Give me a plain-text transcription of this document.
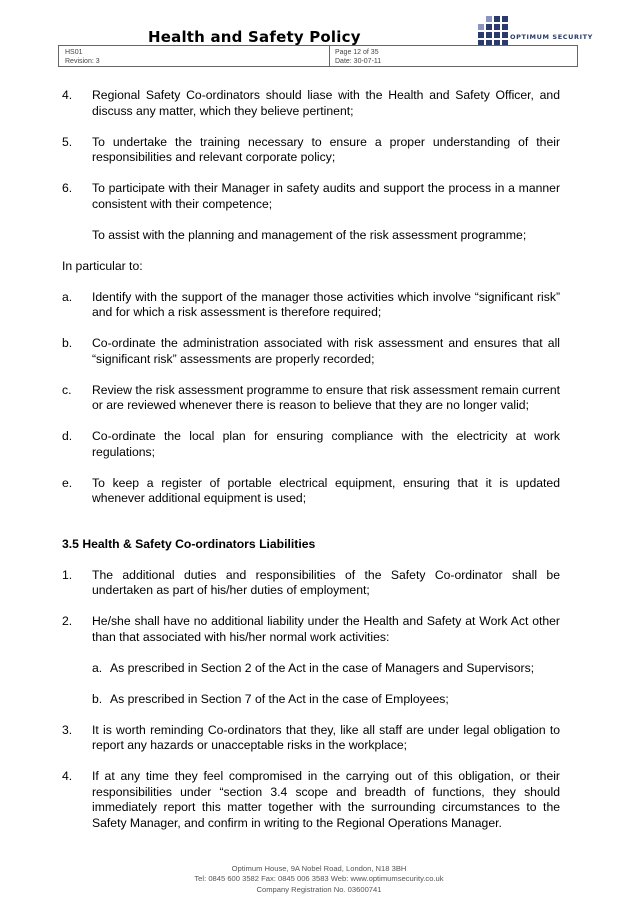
Health and Safety Policy	OPTIMUM SECURITY
HS01
Revision: 3
Page 12 of 35
Date: 30-07-11
4.	Regional Safety Co-ordinators should liase with the Health and Safety Officer, and discuss any matter, which they believe pertinent;
5.	To undertake the training necessary to ensure a proper understanding of their responsibilities and relevant corporate policy;
6.	To participate with their Manager in safety audits and support the process in a manner consistent with their competence;
To assist with the planning and management of the risk assessment programme;
In particular to:
a.	Identify with the support of the manager those activities which involve “significant risk” and for which a risk assessment is therefore required;
b.	Co-ordinate the administration associated with risk assessment and ensures that all “significant risk” assessments are properly recorded;
c.	Review the risk assessment programme to ensure that risk assessment remain current or are reviewed whenever there is reason to believe that they are no longer valid;
d.	Co-ordinate the local plan for ensuring compliance with the electricity at work regulations;
e.	To keep a register of portable electrical equipment, ensuring that it is updated whenever additional equipment is used;
3.5 Health & Safety Co-ordinators Liabilities
1.	The additional duties and responsibilities of the Safety Co-ordinator shall be undertaken as part of his/her duties of employment;
2.	He/she shall have no additional liability under the Health and Safety at Work Act other than that associated with his/her normal work activities:
a. As prescribed in Section 2 of the Act in the case of Managers and Supervisors;
b. As prescribed in Section 7 of the Act in the case of Employees;
3.	It is worth reminding Co-ordinators that they, like all staff are under legal obligation to report any hazards or unacceptable risks in the workplace;
4.	If at any time they feel compromised in the carrying out of this obligation, or their responsibilities under “section 3.4 scope and breadth of functions, they should immediately report this matter together with the surrounding circumstances to the Safety Manager, and confirm in writing to the Regional Operations Manager.
Optimum House, 9A Nobel Road, London, N18 3BH
Tel: 0845 600 3582 Fax: 0845 006 3583 Web: www.optimumsecurity.co.uk
Company Registration No. 03600741
